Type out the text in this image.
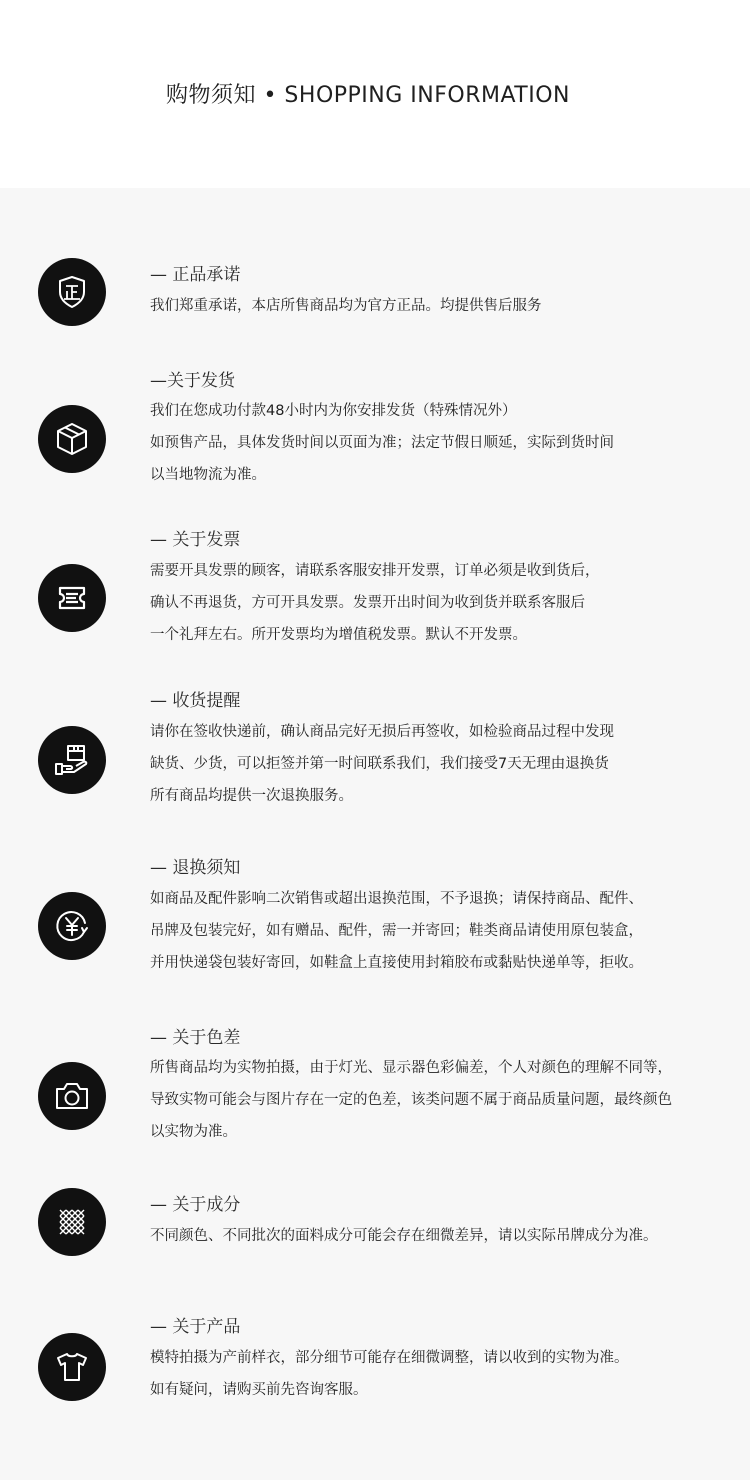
购物须知 • SHOPPING INFORMATION
— 正品承诺
我们郑重承诺，本店所售商品均为官方正品。均提供售后服务
—关于发货
我们在您成功付款48小时内为你安排发货（特殊情况外）
如预售产品，具体发货时间以页面为准；法定节假日顺延，实际到货时间
以当地物流为准。
— 关于发票
需要开具发票的顾客，请联系客服安排开发票，订单必须是收到货后，
确认不再退货，方可开具发票。发票开出时间为收到货并联系客服后
一个礼拜左右。所开发票均为增值税发票。默认不开发票。
— 收货提醒
请你在签收快递前，确认商品完好无损后再签收，如检验商品过程中发现
缺货、少货，可以拒签并第一时间联系我们，我们接受7天无理由退换货
所有商品均提供一次退换服务。
— 退换须知
如商品及配件影响二次销售或超出退换范围，不予退换；请保持商品、配件、
吊牌及包装完好，如有赠品、配件，需一并寄回；鞋类商品请使用原包装盒，
并用快递袋包装好寄回，如鞋盒上直接使用封箱胶布或黏贴快递单等，拒收。
— 关于色差
所售商品均为实物拍摄，由于灯光、显示器色彩偏差，个人对颜色的理解不同等，
导致实物可能会与图片存在一定的色差，该类问题不属于商品质量问题，最终颜色
以实物为准。
— 关于成分
不同颜色、不同批次的面料成分可能会存在细微差异，请以实际吊牌成分为准。
— 关于产品
模特拍摄为产前样衣，部分细节可能存在细微调整，请以收到的实物为准。
如有疑问，请购买前先咨询客服。
